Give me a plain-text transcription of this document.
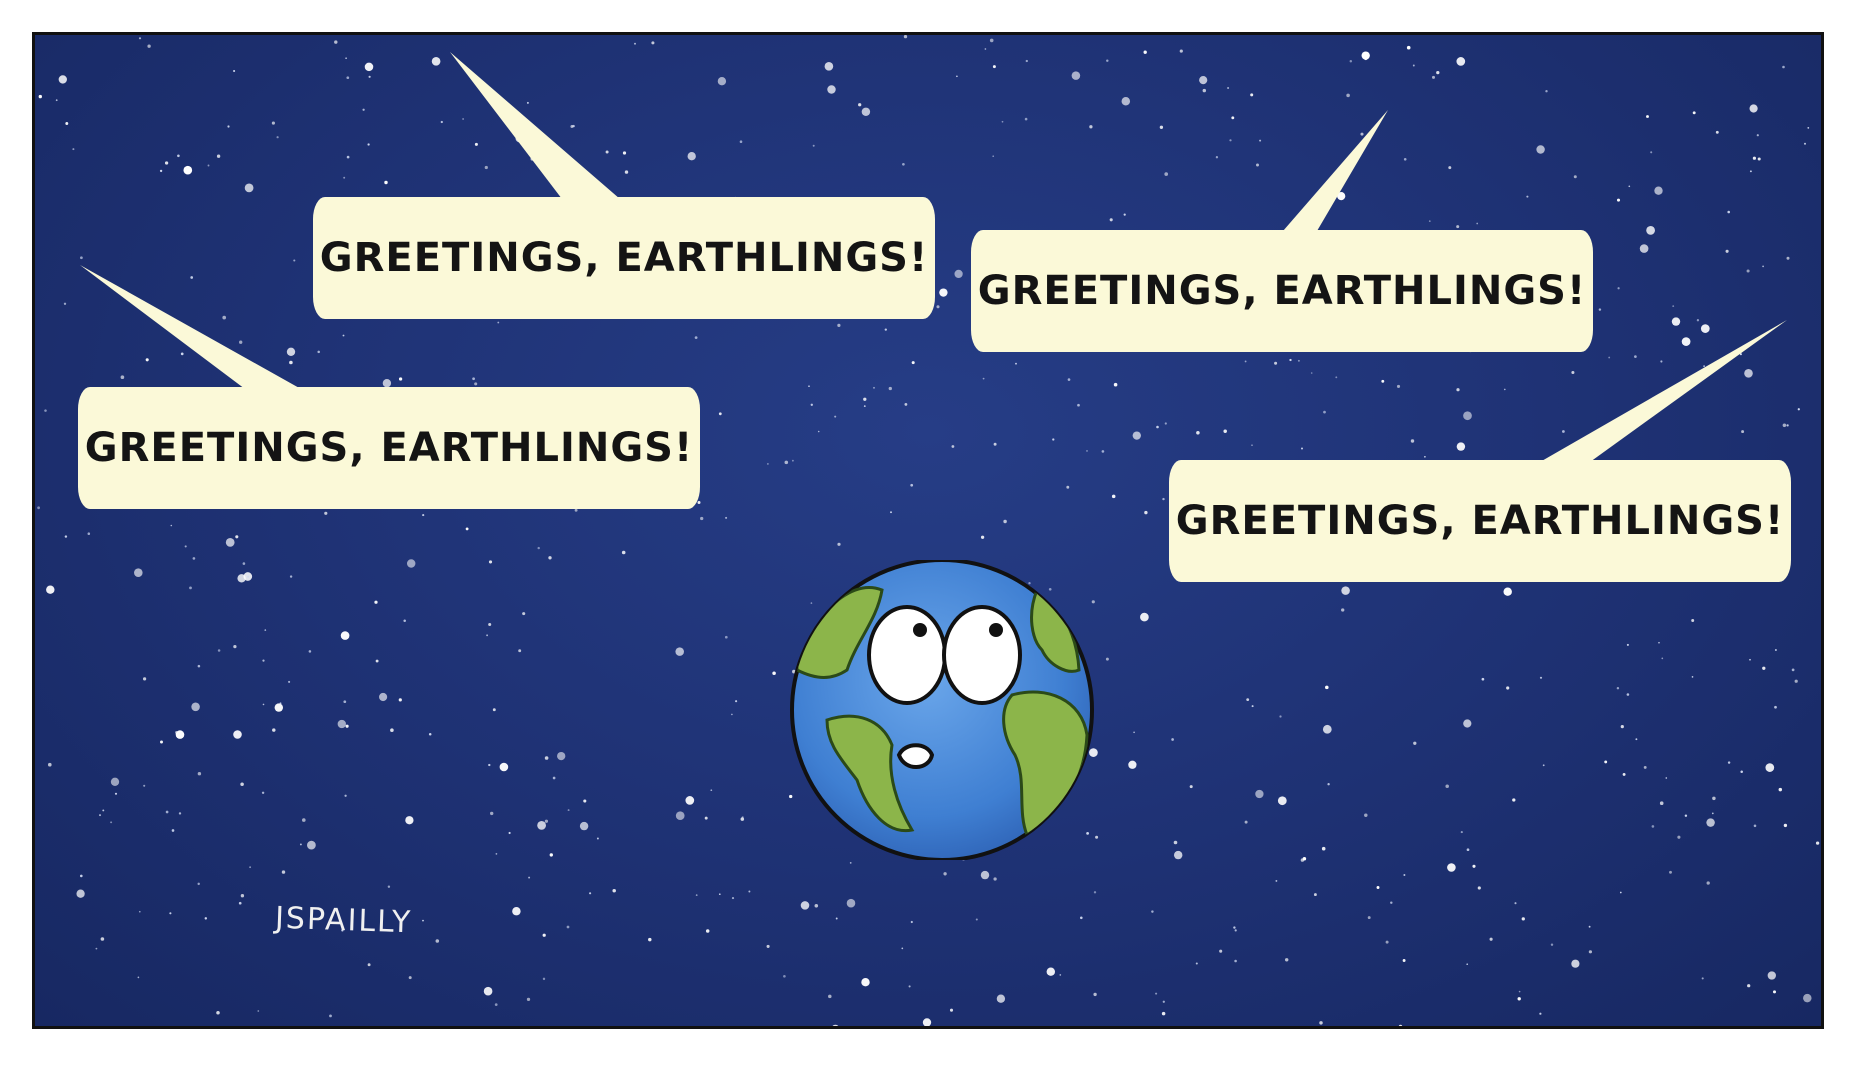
GREETINGS, EARTHLINGS!
GREETINGS, EARTHLINGS!
GREETINGS, EARTHLINGS!
GREETINGS, EARTHLINGS!
JSPAILLY
